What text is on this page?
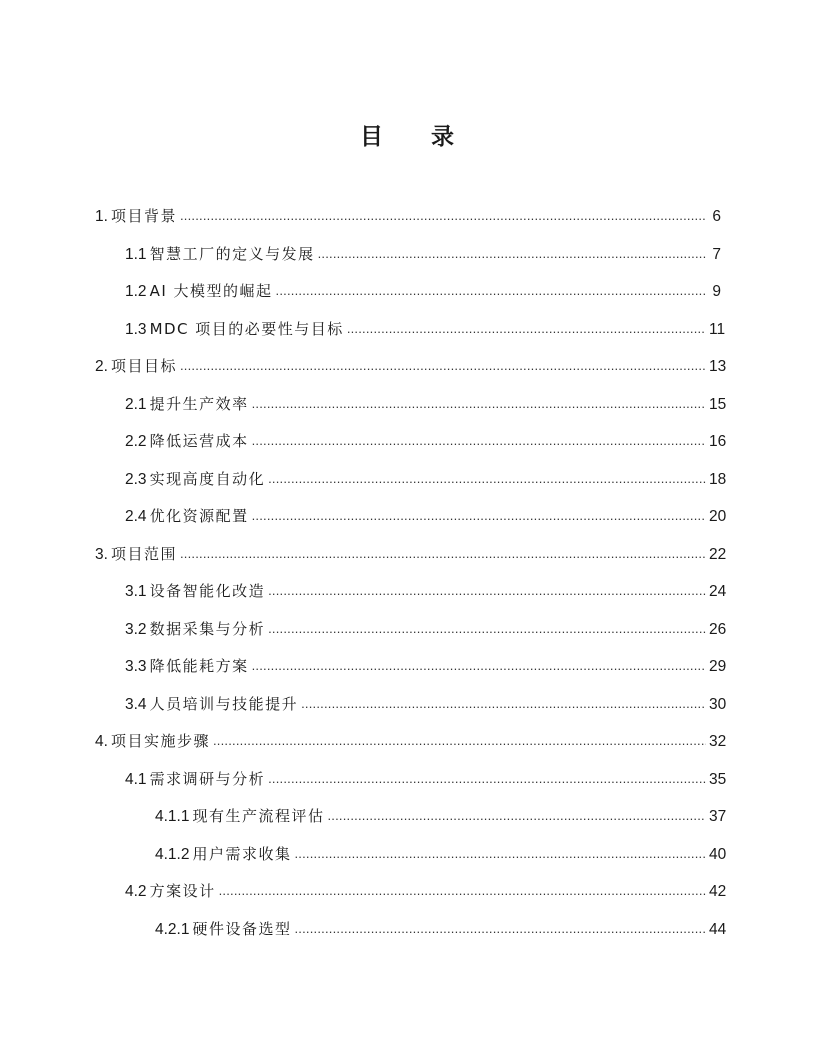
目 录
1. 项目背景 .....	6
1.1 智慧工厂的定义与发展 .....	7
1.2 AI 大模型的崛起 .....	9
1.3 MDC 项目的必要性与目标 .....	11
2. 项目目标 .....	13
2.1 提升生产效率 .....	15
2.2 降低运营成本 .....	16
2.3 实现高度自动化 .....	18
2.4 优化资源配置 .....	20
3. 项目范围 .....	22
3.1 设备智能化改造 .....	24
3.2 数据采集与分析 .....	26
3.3 降低能耗方案 .....	29
3.4 人员培训与技能提升 .....	30
4. 项目实施步骤 .....	32
4.1 需求调研与分析 .....	35
4.1.1 现有生产流程评估 .....	37
4.1.2 用户需求收集 .....	40
4.2 方案设计 .....	42
4.2.1 硬件设备选型 .....	44
